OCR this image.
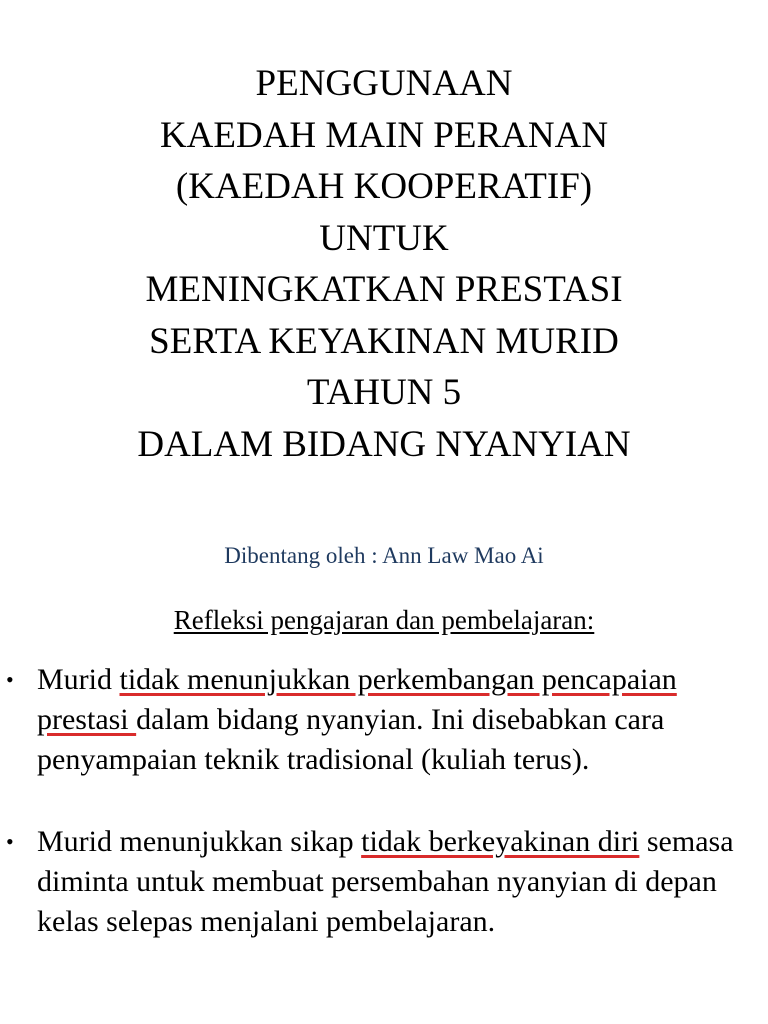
PENGGUNAAN
KAEDAH MAIN PERANAN
(KAEDAH KOOPERATIF)
UNTUK
MENINGKATKAN PRESTASI
SERTA KEYAKINAN MURID
TAHUN 5
DALAM BIDANG NYANYIAN
Dibentang oleh : Ann Law Mao Ai
Refleksi pengajaran dan pembelajaran:
• Murid tidak menunjukkan perkembangan pencapaian prestasi dalam bidang nyanyian. Ini disebabkan cara penyampaian teknik tradisional (kuliah terus).
• Murid menunjukkan sikap tidak berkeyakinan diri semasa diminta untuk membuat persembahan nyanyian di depan kelas selepas menjalani pembelajaran.
